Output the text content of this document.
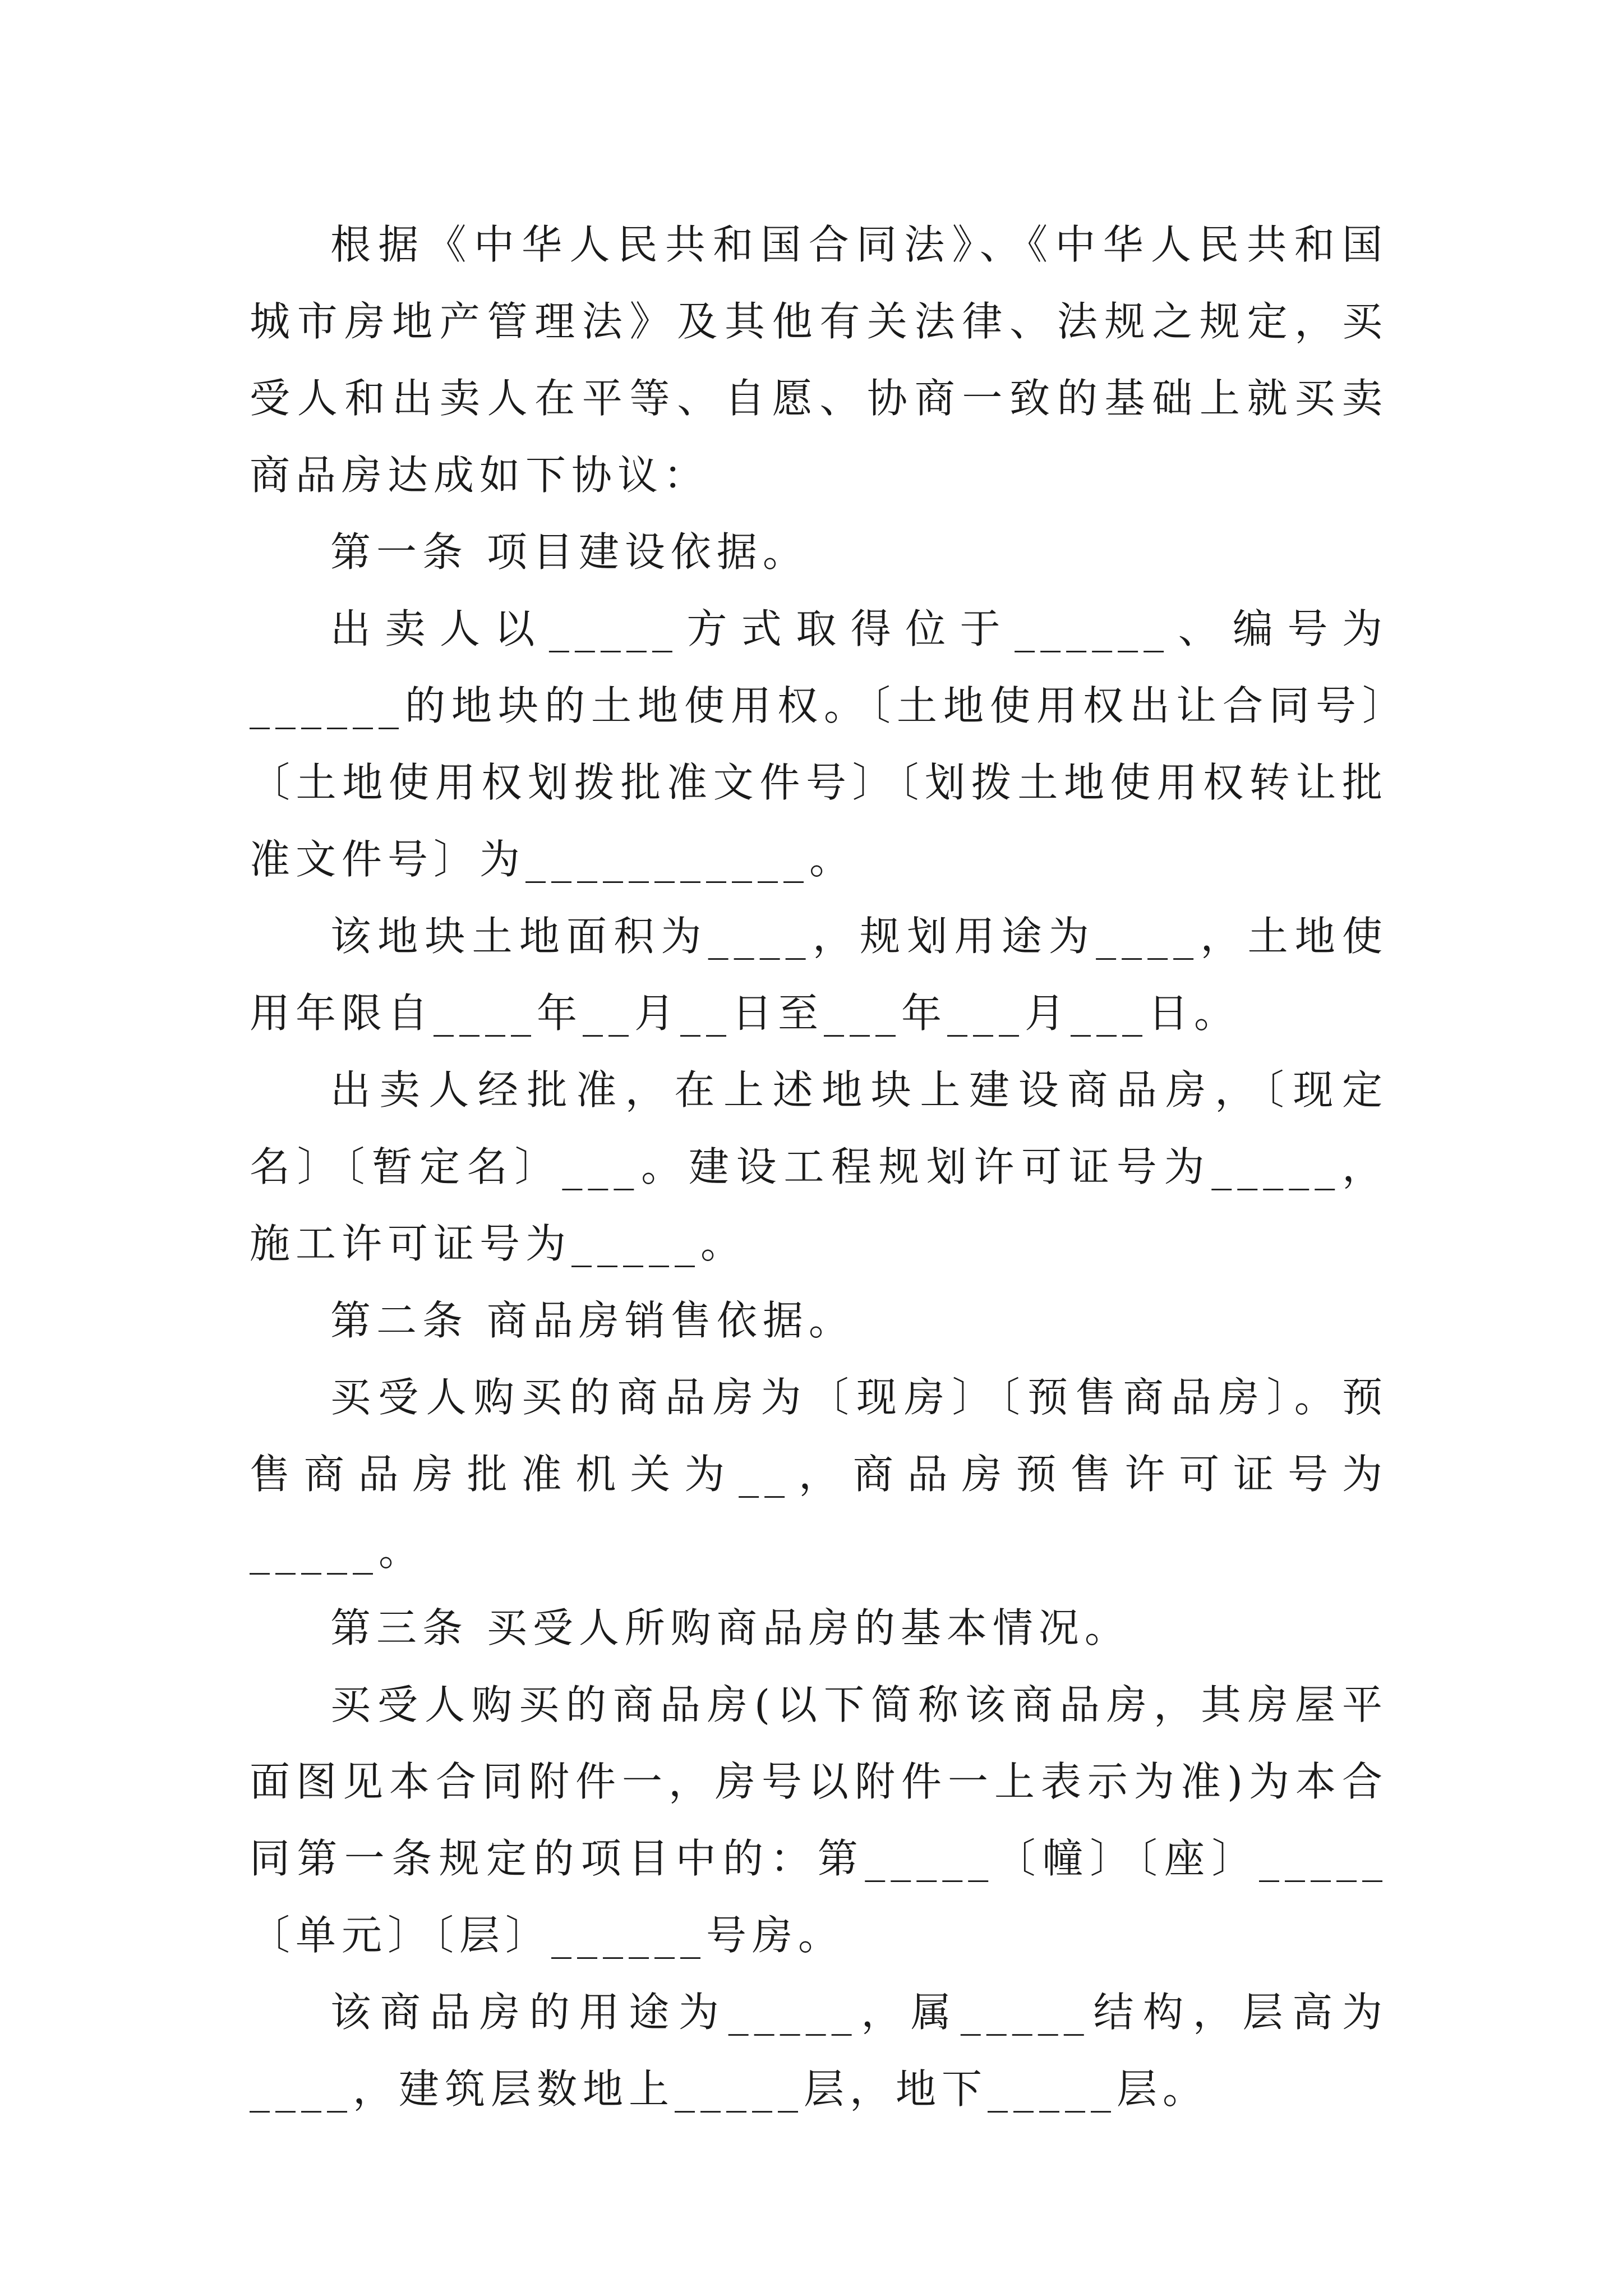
根据《中华人民共和国合同法》、《中华人民共和国城市房地产管理法》及其他有关法律、法规之规定，买受人和出卖人在平等、自愿、协商一致的基础上就买卖商品房达成如下协议：

第一条 项目建设依据。

出卖人以_____方式取得位于______、编号为______的地块的土地使用权。〔土地使用权出让合同号〕〔土地使用权划拨批准文件号〕〔划拨土地使用权转让批准文件号〕为___________。

该地块土地面积为____，规划用途为____，土地使用年限自____年__月__日至___年___月___日。

出卖人经批准，在上述地块上建设商品房，〔现定名〕〔暂定名〕___。建设工程规划许可证号为_____，施工许可证号为_____。

第二条 商品房销售依据。

买受人购买的商品房为〔现房〕〔预售商品房〕。预售商品房批准机关为__，商品房预售许可证号为_____。

第三条 买受人所购商品房的基本情况。

买受人购买的商品房(以下简称该商品房，其房屋平面图见本合同附件一，房号以附件一上表示为准)为本合同第一条规定的项目中的：第_____〔幢〕〔座〕_____〔单元〕〔层〕______号房。

该商品房的用途为_____，属_____结构，层高为____，建筑层数地上_____层，地下_____层。
